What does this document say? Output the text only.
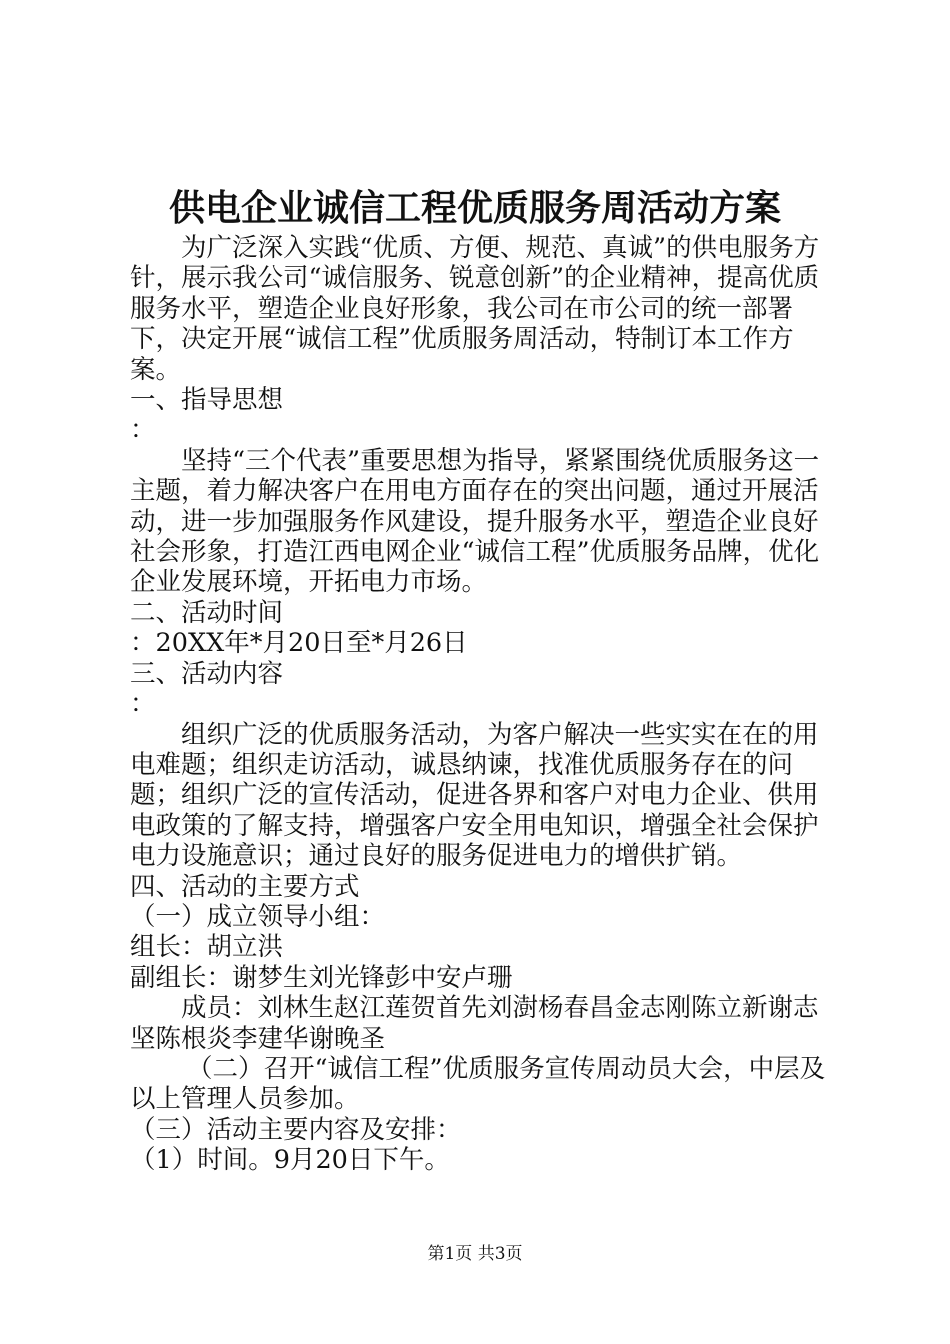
供电企业诚信工程优质服务周活动方案

为广泛深入实践“优质、方便、规范、真诚”的供电服务方针，展示我公司“诚信服务、锐意创新”的企业精神，提高优质服务水平，塑造企业良好形象，我公司在市公司的统一部署下，决定开展“诚信工程”优质服务周活动，特制订本工作方案。

一、指导思想

：

坚持“三个代表”重要思想为指导，紧紧围绕优质服务这一主题，着力解决客户在用电方面存在的突出问题，通过开展活动，进一步加强服务作风建设，提升服务水平，塑造企业良好社会形象，打造江西电网企业“诚信工程”优质服务品牌，优化企业发展环境，开拓电力市场。

二、活动时间

：20XX年*月20日至*月26日

三、活动内容

：

组织广泛的优质服务活动，为客户解决一些实实在在的用电难题；组织走访活动，诚恳纳谏，找准优质服务存在的问题；组织广泛的宣传活动，促进各界和客户对电力企业、供用电政策的了解支持，增强客户安全用电知识，增强全社会保护电力设施意识；通过良好的服务促进电力的增供扩销。

四、活动的主要方式

（一）成立领导小组：

组长：胡立洪

副组长：谢梦生刘光锋彭中安卢珊

成员：刘林生赵江莲贺首先刘澍杨春昌金志刚陈立新谢志坚陈根炎李建华谢晚圣

（二）召开“诚信工程”优质服务宣传周动员大会，中层及以上管理人员参加。

（三）活动主要内容及安排：

（1）时间。9月20日下午。

第1页 共3页
